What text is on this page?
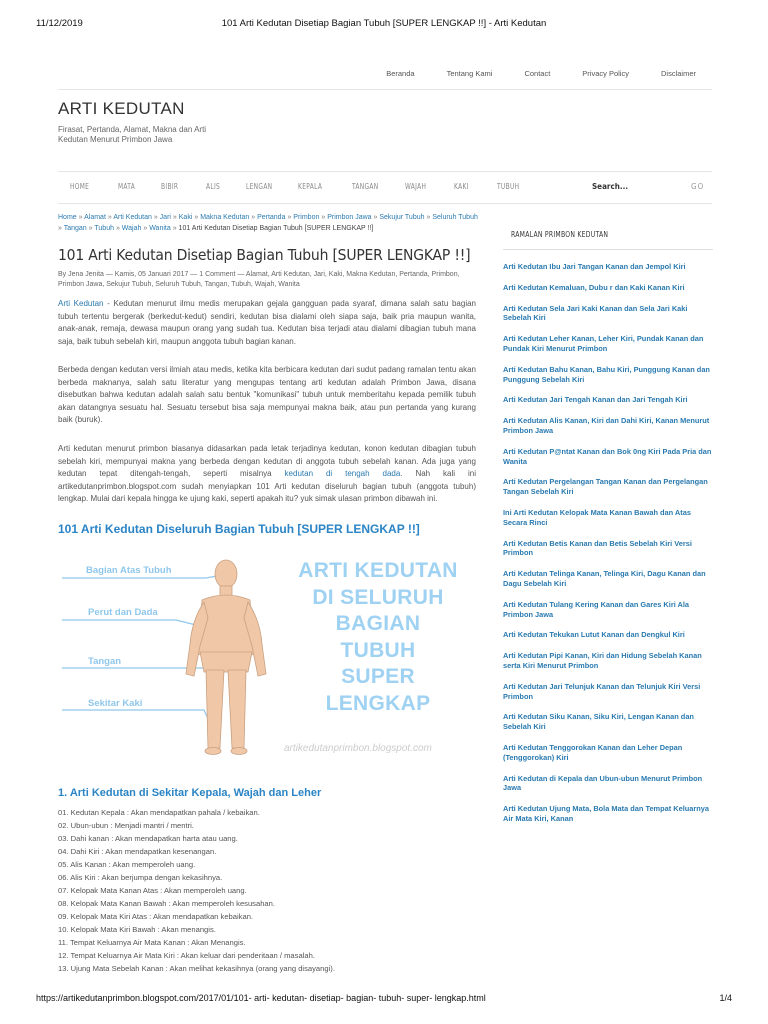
11/12/2019	101 Arti Kedutan Disetiap Bagian Tubuh [SUPER LENGKAP !!] - Arti Kedutan
Beranda	Tentang Kami	Contact	Privacy Policy	Disclaimer
ARTI KEDUTAN
Firasat, Pertanda, Alamat, Makna dan Arti Kedutan Menurut Primbon Jawa
HOME	MATA	BIBIR	ALIS	LENGAN	KEPALA	TANGAN	WAJAH	KAKI	TUBUH	Search...	GO
Home » Alamat » Arti Kedutan » Jari » Kaki » Makna Kedutan » Pertanda » Primbon » Primbon Jawa » Sekujur Tubuh » Seluruh Tubuh » Tangan » Tubuh » Wajah » Wanita » 101 Arti Kedutan Disetiap Bagian Tubuh [SUPER LENGKAP !!]
101 Arti Kedutan Disetiap Bagian Tubuh [SUPER LENGKAP !!]
By Jena Jenita — Kamis, 05 Januari 2017 — 1 Comment — Alamat, Arti Kedutan, Jari, Kaki, Makna Kedutan, Pertanda, Primbon, Primbon Jawa, Sekujur Tubuh, Seluruh Tubuh, Tangan, Tubuh, Wajah, Wanita
Arti Kedutan - Kedutan menurut ilmu medis merupakan gejala gangguan pada syaraf, dimana salah satu bagian tubuh tertentu bergerak (berkedut-kedut) sendiri, kedutan bisa dialami oleh siapa saja, baik pria maupun wanita, anak-anak, remaja, dewasa maupun orang yang sudah tua. Kedutan bisa terjadi atau dialami dibagian tubuh mana saja, baik tubuh sebelah kiri, maupun anggota tubuh bagian kanan.
Berbeda dengan kedutan versi ilmiah atau medis, ketika kita berbicara kedutan dari sudut padang ramalan tentu akan berbeda maknanya, salah satu literatur yang mengupas tentang arti kedutan adalah Primbon Jawa, disana disebutkan bahwa kedutan adalah salah satu bentuk "komunikasi" tubuh untuk memberitahu kepada pemilik tubuh akan datangnya sesuatu hal. Sesuatu tersebut bisa saja mempunyai makna baik, atau pun pertanda yang kurang baik (buruk).
Arti kedutan menurut primbon biasanya didasarkan pada letak terjadinya kedutan, konon kedutan dibagian tubuh sebelah kiri, mempunyai makna yang berbeda dengan kedutan di anggota tubuh sebelah kanan. Ada juga yang kedutan tepat ditengah-tengah, seperti misalnya kedutan di tengah dada. Nah kali ini artikedutanprimbon.blogspot.com sudah menyiapkan 101 Arti kedutan diseluruh bagian tubuh (anggota tubuh) lengkap. Mulai dari kepala hingga ke ujung kaki, seperti apakah itu? yuk simak ulasan primbon dibawah ini.
101 Arti Kedutan Diseluruh Bagian Tubuh [SUPER LENGKAP !!]
Bagian Atas Tubuh
Perut dan Dada
Tangan
Sekitar Kaki
ARTI KEDUTAN
DI SELURUH
BAGIAN
TUBUH
SUPER
LENGKAP
artikedutanprimbon.blogspot.com
1. Arti Kedutan di Sekitar Kepala, Wajah dan Leher
01. Kedutan Kepala : Akan mendapatkan pahala / kebaikan.
02. Ubun-ubun : Menjadi mantri / mentri.
03. Dahi kanan : Akan mendapatkan harta atau uang.
04. Dahi Kiri : Akan mendapatkan kesenangan.
05. Alis Kanan : Akan memperoleh uang.
06. Alis Kiri : Akan berjumpa dengan kekasihnya.
07. Kelopak Mata Kanan Atas : Akan memperoleh uang.
08. Kelopak Mata Kanan Bawah : Akan memperoleh kesusahan.
09. Kelopak Mata Kiri Atas : Akan mendapatkan kebaikan.
10. Kelopak Mata Kiri Bawah : Akan menangis.
11. Tempat Keluarnya Air Mata Kanan : Akan Menangis.
12. Tempat Keluarnya Air Mata Kiri : Akan keluar dari penderitaan / masalah.
13. Ujung Mata Sebelah Kanan : Akan melihat kekasihnya (orang yang disayangi).
RAMALAN PRIMBON KEDUTAN
Arti Kedutan Ibu Jari Tangan Kanan dan Jempol Kiri
Arti Kedutan Kemaluan, Dubu r dan Kaki Kanan Kiri
Arti Kedutan Sela Jari Kaki Kanan dan Sela Jari Kaki Sebelah Kiri
Arti Kedutan Leher Kanan, Leher Kiri, Pundak Kanan dan Pundak Kiri Menurut Primbon
Arti Kedutan Bahu Kanan, Bahu Kiri, Punggung Kanan dan Punggung Sebelah Kiri
Arti Kedutan Jari Tengah Kanan dan Jari Tengah Kiri
Arti Kedutan Alis Kanan, Kiri dan Dahi Kiri, Kanan Menurut Primbon Jawa
Arti Kedutan P@ntat Kanan dan Bok 0ng Kiri Pada Pria dan Wanita
Arti Kedutan Pergelangan Tangan Kanan dan Pergelangan Tangan Sebelah Kiri
Ini Arti Kedutan Kelopak Mata Kanan Bawah dan Atas Secara Rinci
Arti Kedutan Betis Kanan dan Betis Sebelah Kiri Versi Primbon
Arti Kedutan Telinga Kanan, Telinga Kiri, Dagu Kanan dan Dagu Sebelah Kiri
Arti Kedutan Tulang Kering Kanan dan Gares Kiri Ala Primbon Jawa
Arti Kedutan Tekukan Lutut Kanan dan Dengkul Kiri
Arti Kedutan Pipi Kanan, Kiri dan Hidung Sebelah Kanan serta Kiri Menurut Primbon
Arti Kedutan Jari Telunjuk Kanan dan Telunjuk Kiri Versi Primbon
Arti Kedutan Siku Kanan, Siku Kiri, Lengan Kanan dan Sebelah Kiri
Arti Kedutan Tenggorokan Kanan dan Leher Depan (Tenggorokan) Kiri
Arti Kedutan di Kepala dan Ubun-ubun Menurut Primbon Jawa
Arti Kedutan Ujung Mata, Bola Mata dan Tempat Keluarnya Air Mata Kiri, Kanan
https://artikedutanprimbon.blogspot.com/2017/01/101- arti- kedutan- disetiap- bagian- tubuh- super- lengkap.html	1/4
